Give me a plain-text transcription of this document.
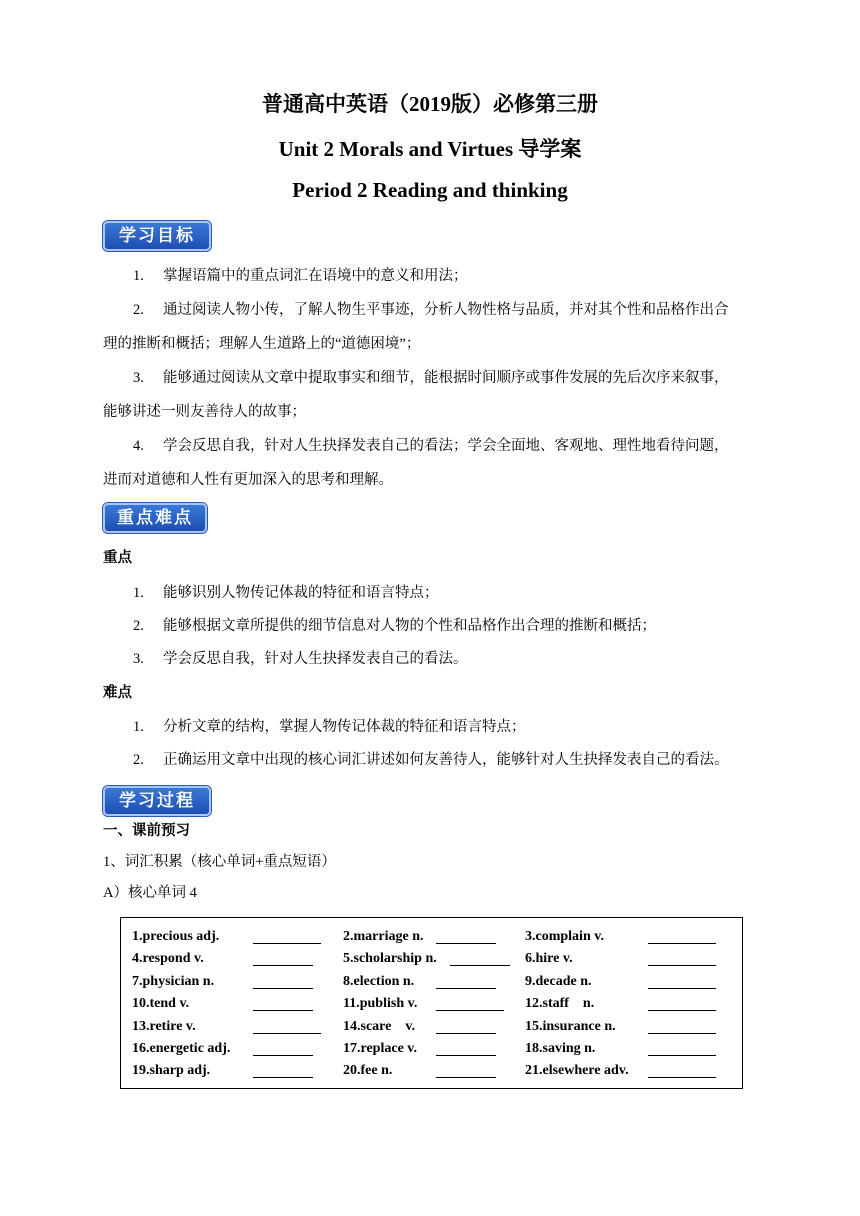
普通高中英语（2019版）必修第三册
Unit 2 Morals and Virtues 导学案
Period 2 Reading and thinking
学习目标
1. 掌握语篇中的重点词汇在语境中的意义和用法；
2. 通过阅读人物小传，了解人物生平事迹，分析人物性格与品质，并对其个性和品格作出合
理的推断和概括；理解人生道路上的“道德困境”；
3. 能够通过阅读从文章中提取事实和细节，能根据时间顺序或事件发展的先后次序来叙事，
能够讲述一则友善待人的故事；
4. 学会反思自我，针对人生抉择发表自己的看法；学会全面地、客观地、理性地看待问题，
进而对道德和人性有更加深入的思考和理解。
重点难点
重点
1. 能够识别人物传记体裁的特征和语言特点；
2. 能够根据文章所提供的细节信息对人物的个性和品格作出合理的推断和概括；
3. 学会反思自我，针对人生抉择发表自己的看法。
难点
1. 分析文章的结构，掌握人物传记体裁的特征和语言特点；
2. 正确运用文章中出现的核心词汇讲述如何友善待人，能够针对人生抉择发表自己的看法。
学习过程
一、课前预习
1、词汇积累（核心单词+重点短语）
A）核心单词 4
1.precious adj.	2.marriage n.	3.complain v.
4.respond v.	5.scholarship n.	6.hire v.
7.physician n.	8.election n.	9.decade n.
10.tend v.	11.publish v.	12.staff    n.
13.retire v.	14.scare    v.	15.insurance n.
16.energetic adj.	17.replace v.	18.saving n.
19.sharp adj.	20.fee n.	21.elsewhere adv.
